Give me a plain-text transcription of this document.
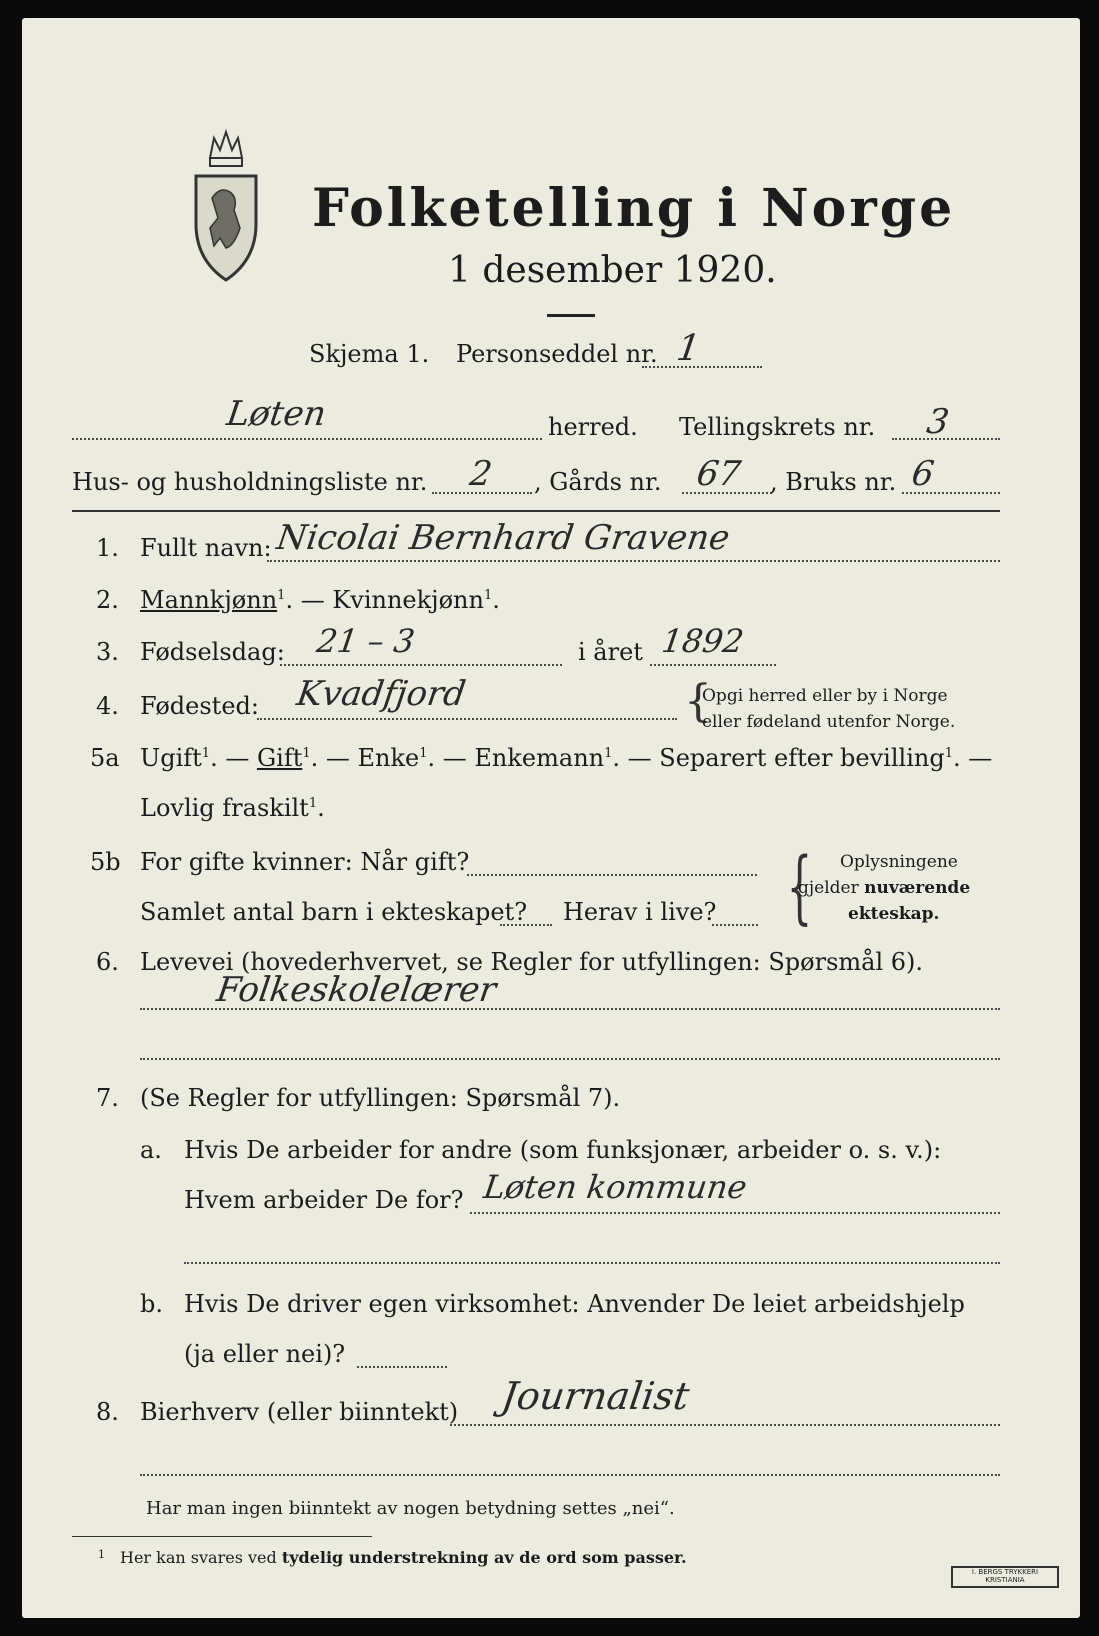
Folketelling i Norge
1 desember 1920.
Skjema 1. Personseddel nr. 1
Løten	herred. Tellingskrets nr. 3
Hus- og husholdningsliste nr. 2 , Gårds nr. 67 , Bruks nr. 6
1. Fullt navn: Nicolai Bernhard Gravene
2. Mannkjønn$^1$. — Kvinnekjønn$^1$.
3. Fødselsdag: 21 – 3	i året 1892
4. Fødested: Kvadfjord	{
Opgi herred eller by i Norge
eller fødeland utenfor Norge.
5a Ugift$^1$. — Gift$^1$. — Enke$^1$. — Enkemann$^1$. — Separert efter bevilling$^1$. —
Lovlig fraskilt$^1$.
5b For gifte kvinner: Når gift?
Samlet antal barn i ekteskapet? Herav i live? { Oplysningene
gjelder nuværende
ekteskap.
6. Levevei (hovederhvervet, se Regler for utfyllingen: Spørsmål 6).
Folkeskolelærer
7. (Se Regler for utfyllingen: Spørsmål 7).
a. Hvis De arbeider for andre (som funksjonær, arbeider o. s. v.):
Hvem arbeider De for? Løten kommune
b. Hvis De driver egen virksomhet: Anvender De leiet arbeidshjelp
(ja eller nei)?
8. Bierhverv (eller biinntekt) Journalist
Har man ingen biinntekt av nogen betydning settes „nei“.
1 Her kan svares ved tydelig understrekning av de ord som passer.
I. BERGS TRYKKERI KRISTIANIA
